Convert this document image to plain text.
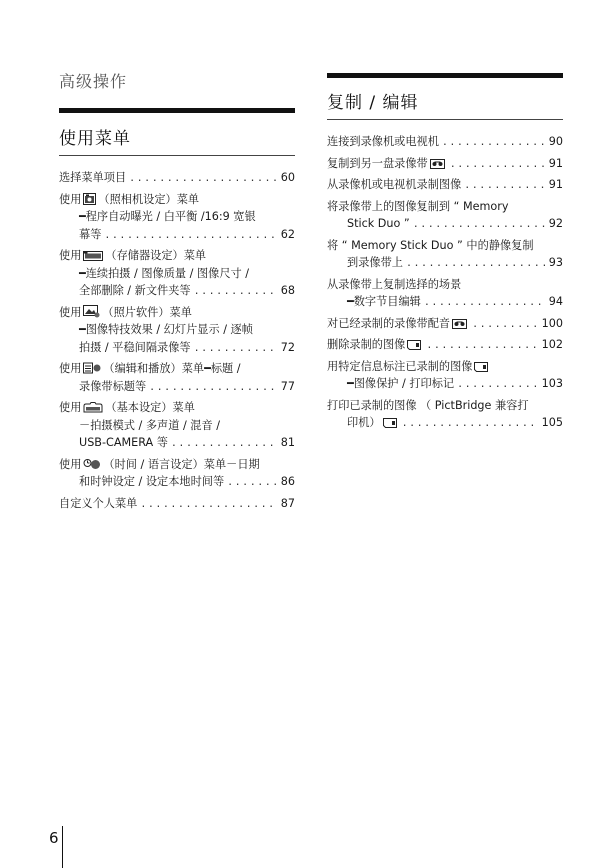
高级操作
使用菜单
选择菜单项目 .....	60
使用 （照相机设定）菜单
━程序自动曝光 / 白平衡 /16:9 宽银
幕等 .....	62
使用 （存储器设定）菜单
━连续拍摄 / 图像质量 / 图像尺寸 /
全部删除 / 新文件夹等 .....	68
使用 （照片软件）菜单
━图像特技效果 / 幻灯片显示 / 逐帧
拍摄 / 平稳间隔录像等 .....	72
使用 （编辑和播放）菜单━标题 /
录像带标题等 .....	77
使用 （基本设定）菜单
－拍摄模式 / 多声道 / 混音 /
USB-CAMERA 等 .....	81
使用 （时间 / 语言设定）菜单－日期
和时钟设定 / 设定本地时间等 .....	86
自定义个人菜单 .....	87
复制 / 编辑
连接到录像机或电视机 .....	90
复制到另一盘录像带 .....	91
从录像机或电视机录制图像 .....	91
将录像带上的图像复制到 “ Memory
Stick Duo ” .....	92
将 “ Memory Stick Duo ” 中的静像复制
到录像带上 .....	93
从录像带上复制选择的场景
━数字节目编辑 .....	94
对已经录制的录像带配音 .....	100
删除录制的图像 .....	102
用特定信息标注已录制的图像
━图像保护 / 打印标记 .....	103
打印已录制的图像 （ PictBridge 兼容打
印机） .....	105
6
